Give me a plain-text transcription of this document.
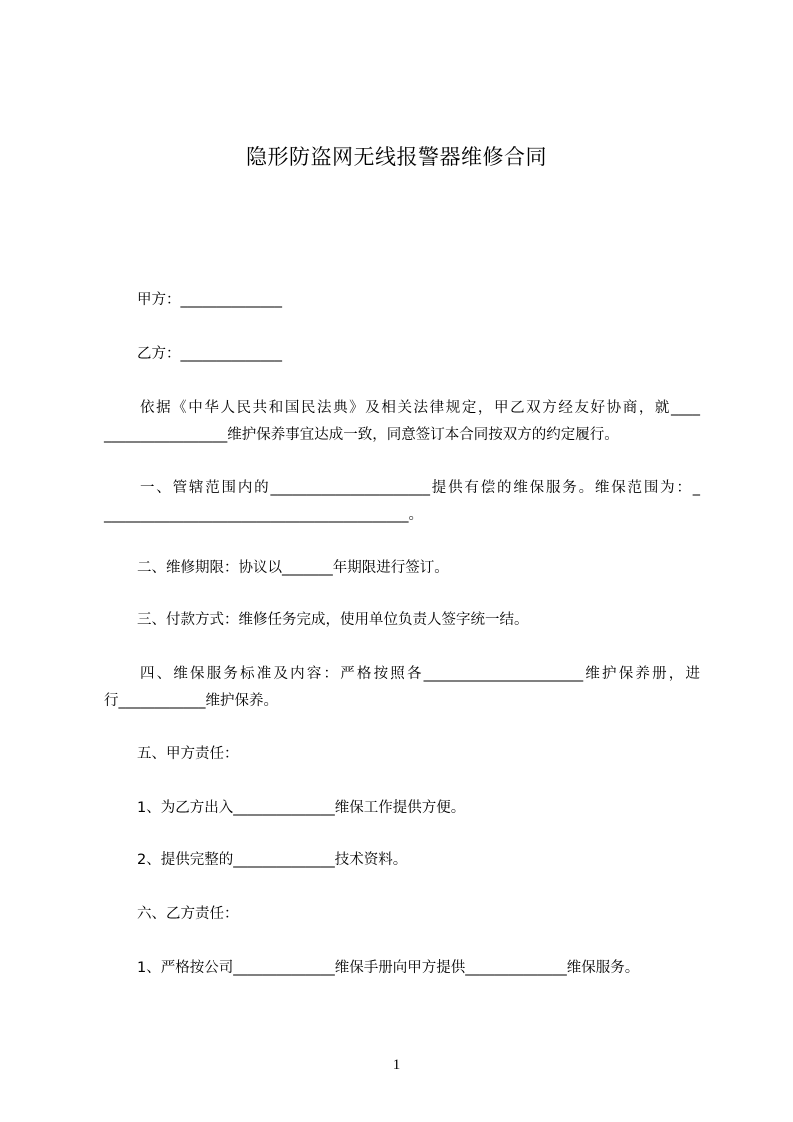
隐形防盗网无线报警器维修合同
甲方：______________
乙方：______________
依据《中华人民共和国民法典》及相关法律规定，甲乙双方经友好协商，就____
_________________维护保养事宜达成一致，同意签订本合同按双方的约定履行。
一、管辖范围内的______________________提供有偿的维保服务。维保范围为：_
__________________________________________。
二、维修期限：协议以_______年期限进行签订。
三、付款方式：维修任务完成，使用单位负责人签字统一结。
四、维保服务标准及内容：严格按照各______________________维护保养册，进
行____________维护保养。
五、甲方责任：
1、为乙方出入______________维保工作提供方便。
2、提供完整的______________技术资料。
六、乙方责任：
1、严格按公司______________维保手册向甲方提供______________维保服务。
1
